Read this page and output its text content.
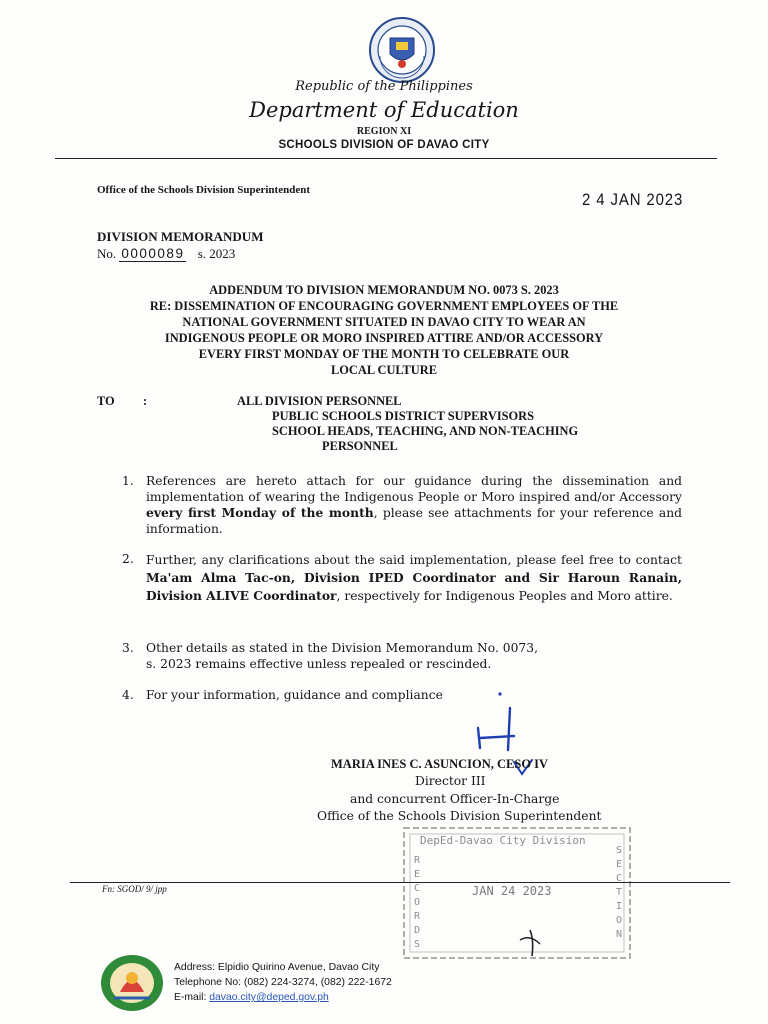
Republic of the Philippines
Department of Education
REGION XI
SCHOOLS DIVISION OF DAVAO CITY
Office of the Schools Division Superintendent	2 4 JAN 2023
DIVISION MEMORANDUM
No. 0000089 s. 2023
ADDENDUM TO DIVISION MEMORANDUM NO. 0073 S. 2023
RE: DISSEMINATION OF ENCOURAGING GOVERNMENT EMPLOYEES OF THE
NATIONAL GOVERNMENT SITUATED IN DAVAO CITY TO WEAR AN
INDIGENOUS PEOPLE OR MORO INSPIRED ATTIRE AND/OR ACCESSORY
EVERY FIRST MONDAY OF THE MONTH TO CELEBRATE OUR
LOCAL CULTURE
TO :	ALL DIVISION PERSONNEL
PUBLIC SCHOOLS DISTRICT SUPERVISORS
SCHOOL HEADS, TEACHING, AND NON-TEACHING
PERSONNEL
1. References are hereto attach for our guidance during the dissemination and implementation of wearing the Indigenous People or Moro inspired and/or Accessory every first Monday of the month, please see attachments for your reference and information.
2. Further, any clarifications about the said implementation, please feel free to contact Ma'am Alma Tac-on, Division IPED Coordinator and Sir Haroun Ranain, Division ALIVE Coordinator, respectively for Indigenous Peoples and Moro attire.
3. Other details as stated in the Division Memorandum No. 0073, s. 2023 remains effective unless repealed or rescinded.
4. For your information, guidance and compliance
MARIA INES C. ASUNCION, CESO IV
Director III
and concurrent Officer-In-Charge
Office of the Schools Division Superintendent
DepEd-Davao City Division
JAN 24 2023
RECORDS
SECTION
Fn: SGOD/ 9/ jpp
Address: Elpidio Quirino Avenue, Davao City
Telephone No: (082) 224-3274, (082) 222-1672
E-mail: davao.city@deped.gov.ph
